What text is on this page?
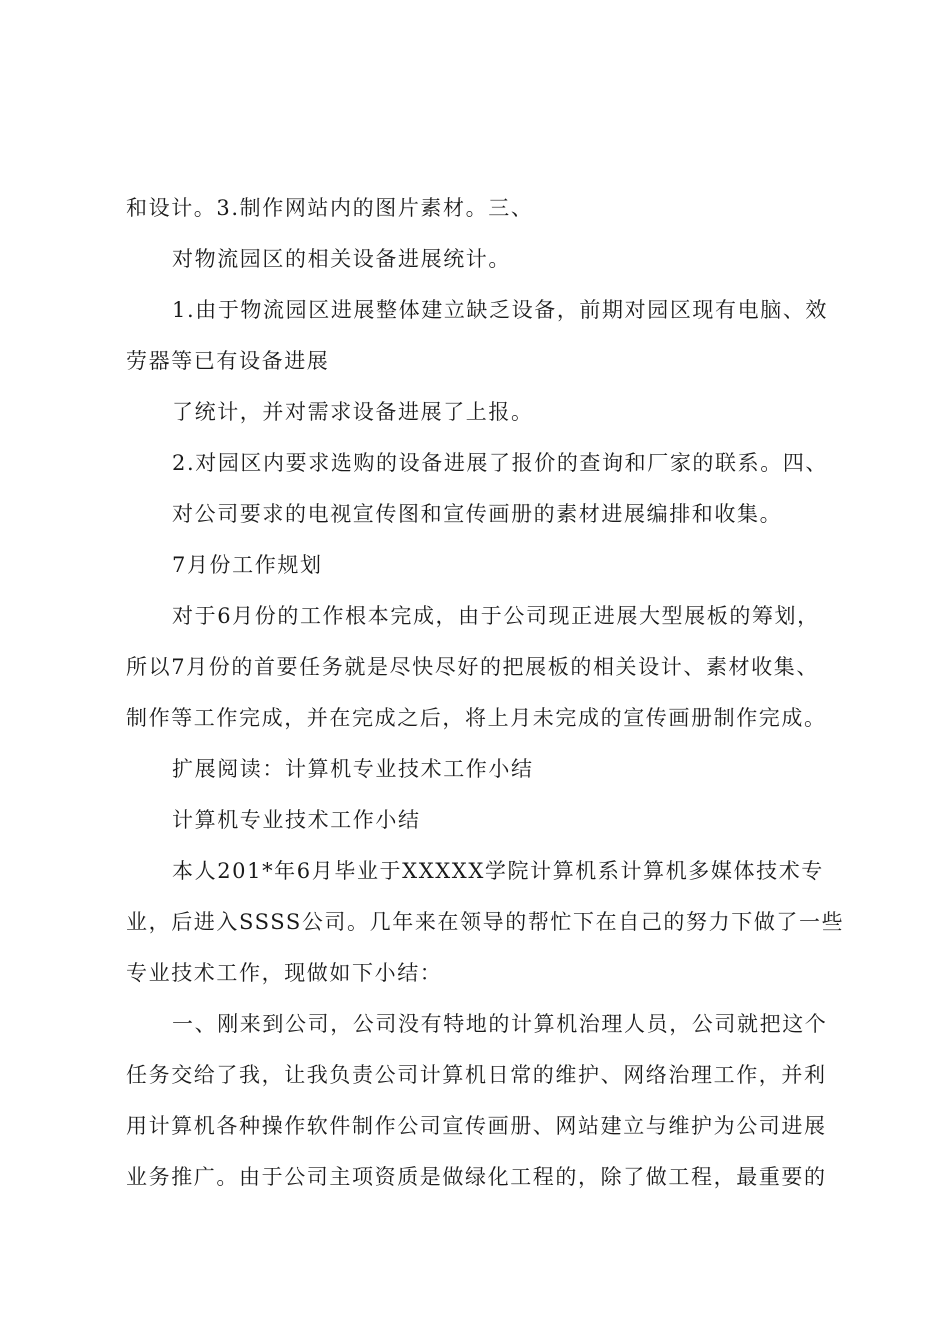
和设计。3.制作网站内的图片素材。三、
对物流园区的相关设备进展统计。
1.由于物流园区进展整体建立缺乏设备，前期对园区现有电脑、效
劳器等已有设备进展
了统计，并对需求设备进展了上报。
2.对园区内要求选购的设备进展了报价的查询和厂家的联系。四、
对公司要求的电视宣传图和宣传画册的素材进展编排和收集。
7月份工作规划
对于6月份的工作根本完成，由于公司现正进展大型展板的筹划，
所以7月份的首要任务就是尽快尽好的把展板的相关设计、素材收集、
制作等工作完成，并在完成之后，将上月未完成的宣传画册制作完成。
扩展阅读：计算机专业技术工作小结
计算机专业技术工作小结
本人201*年6月毕业于XXXXX学院计算机系计算机多媒体技术专
业，后进入SSSS公司。几年来在领导的帮忙下在自己的努力下做了一些
专业技术工作，现做如下小结：
一、刚来到公司，公司没有特地的计算机治理人员，公司就把这个
任务交给了我，让我负责公司计算机日常的维护、网络治理工作，并利
用计算机各种操作软件制作公司宣传画册、网站建立与维护为公司进展
业务推广。由于公司主项资质是做绿化工程的，除了做工程，最重要的
